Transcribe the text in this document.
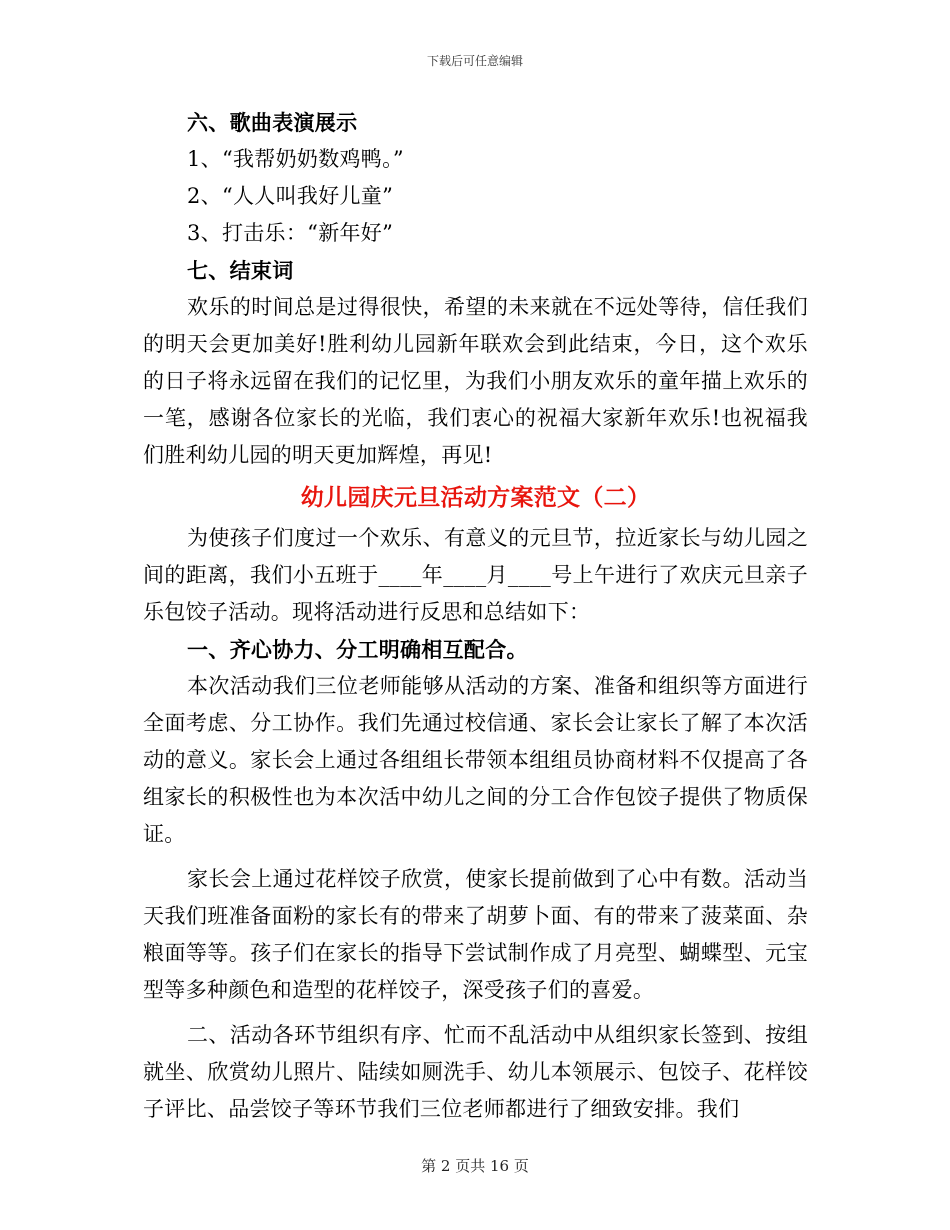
下载后可任意编辑

六、歌曲表演展示

1、“我帮奶奶数鸡鸭。”

2、“人人叫我好儿童”

3、打击乐：“新年好”

七、结束词

欢乐的时间总是过得很快，希望的未来就在不远处等待，信任我们的明天会更加美好!胜利幼儿园新年联欢会到此结束，今日，这个欢乐的日子将永远留在我们的记忆里，为我们小朋友欢乐的童年描上欢乐的一笔，感谢各位家长的光临，我们衷心的祝福大家新年欢乐!也祝福我们胜利幼儿园的明天更加辉煌，再见!

幼儿园庆元旦活动方案范文（二）

为使孩子们度过一个欢乐、有意义的元旦节，拉近家长与幼儿园之间的距离，我们小五班于____年____月____号上午进行了欢庆元旦亲子乐包饺子活动。现将活动进行反思和总结如下：

一、齐心协力、分工明确相互配合。

本次活动我们三位老师能够从活动的方案、准备和组织等方面进行全面考虑、分工协作。我们先通过校信通、家长会让家长了解了本次活动的意义。家长会上通过各组组长带领本组组员协商材料不仅提高了各组家长的积极性也为本次活中幼儿之间的分工合作包饺子提供了物质保证。

家长会上通过花样饺子欣赏，使家长提前做到了心中有数。活动当天我们班准备面粉的家长有的带来了胡萝卜面、有的带来了菠菜面、杂粮面等等。孩子们在家长的指导下尝试制作成了月亮型、蝴蝶型、元宝型等多种颜色和造型的花样饺子，深受孩子们的喜爱。

二、活动各环节组织有序、忙而不乱活动中从组织家长签到、按组就坐、欣赏幼儿照片、陆续如厕洗手、幼儿本领展示、包饺子、花样饺子评比、品尝饺子等环节我们三位老师都进行了细致安排。我们

第 2 页共 16 页
